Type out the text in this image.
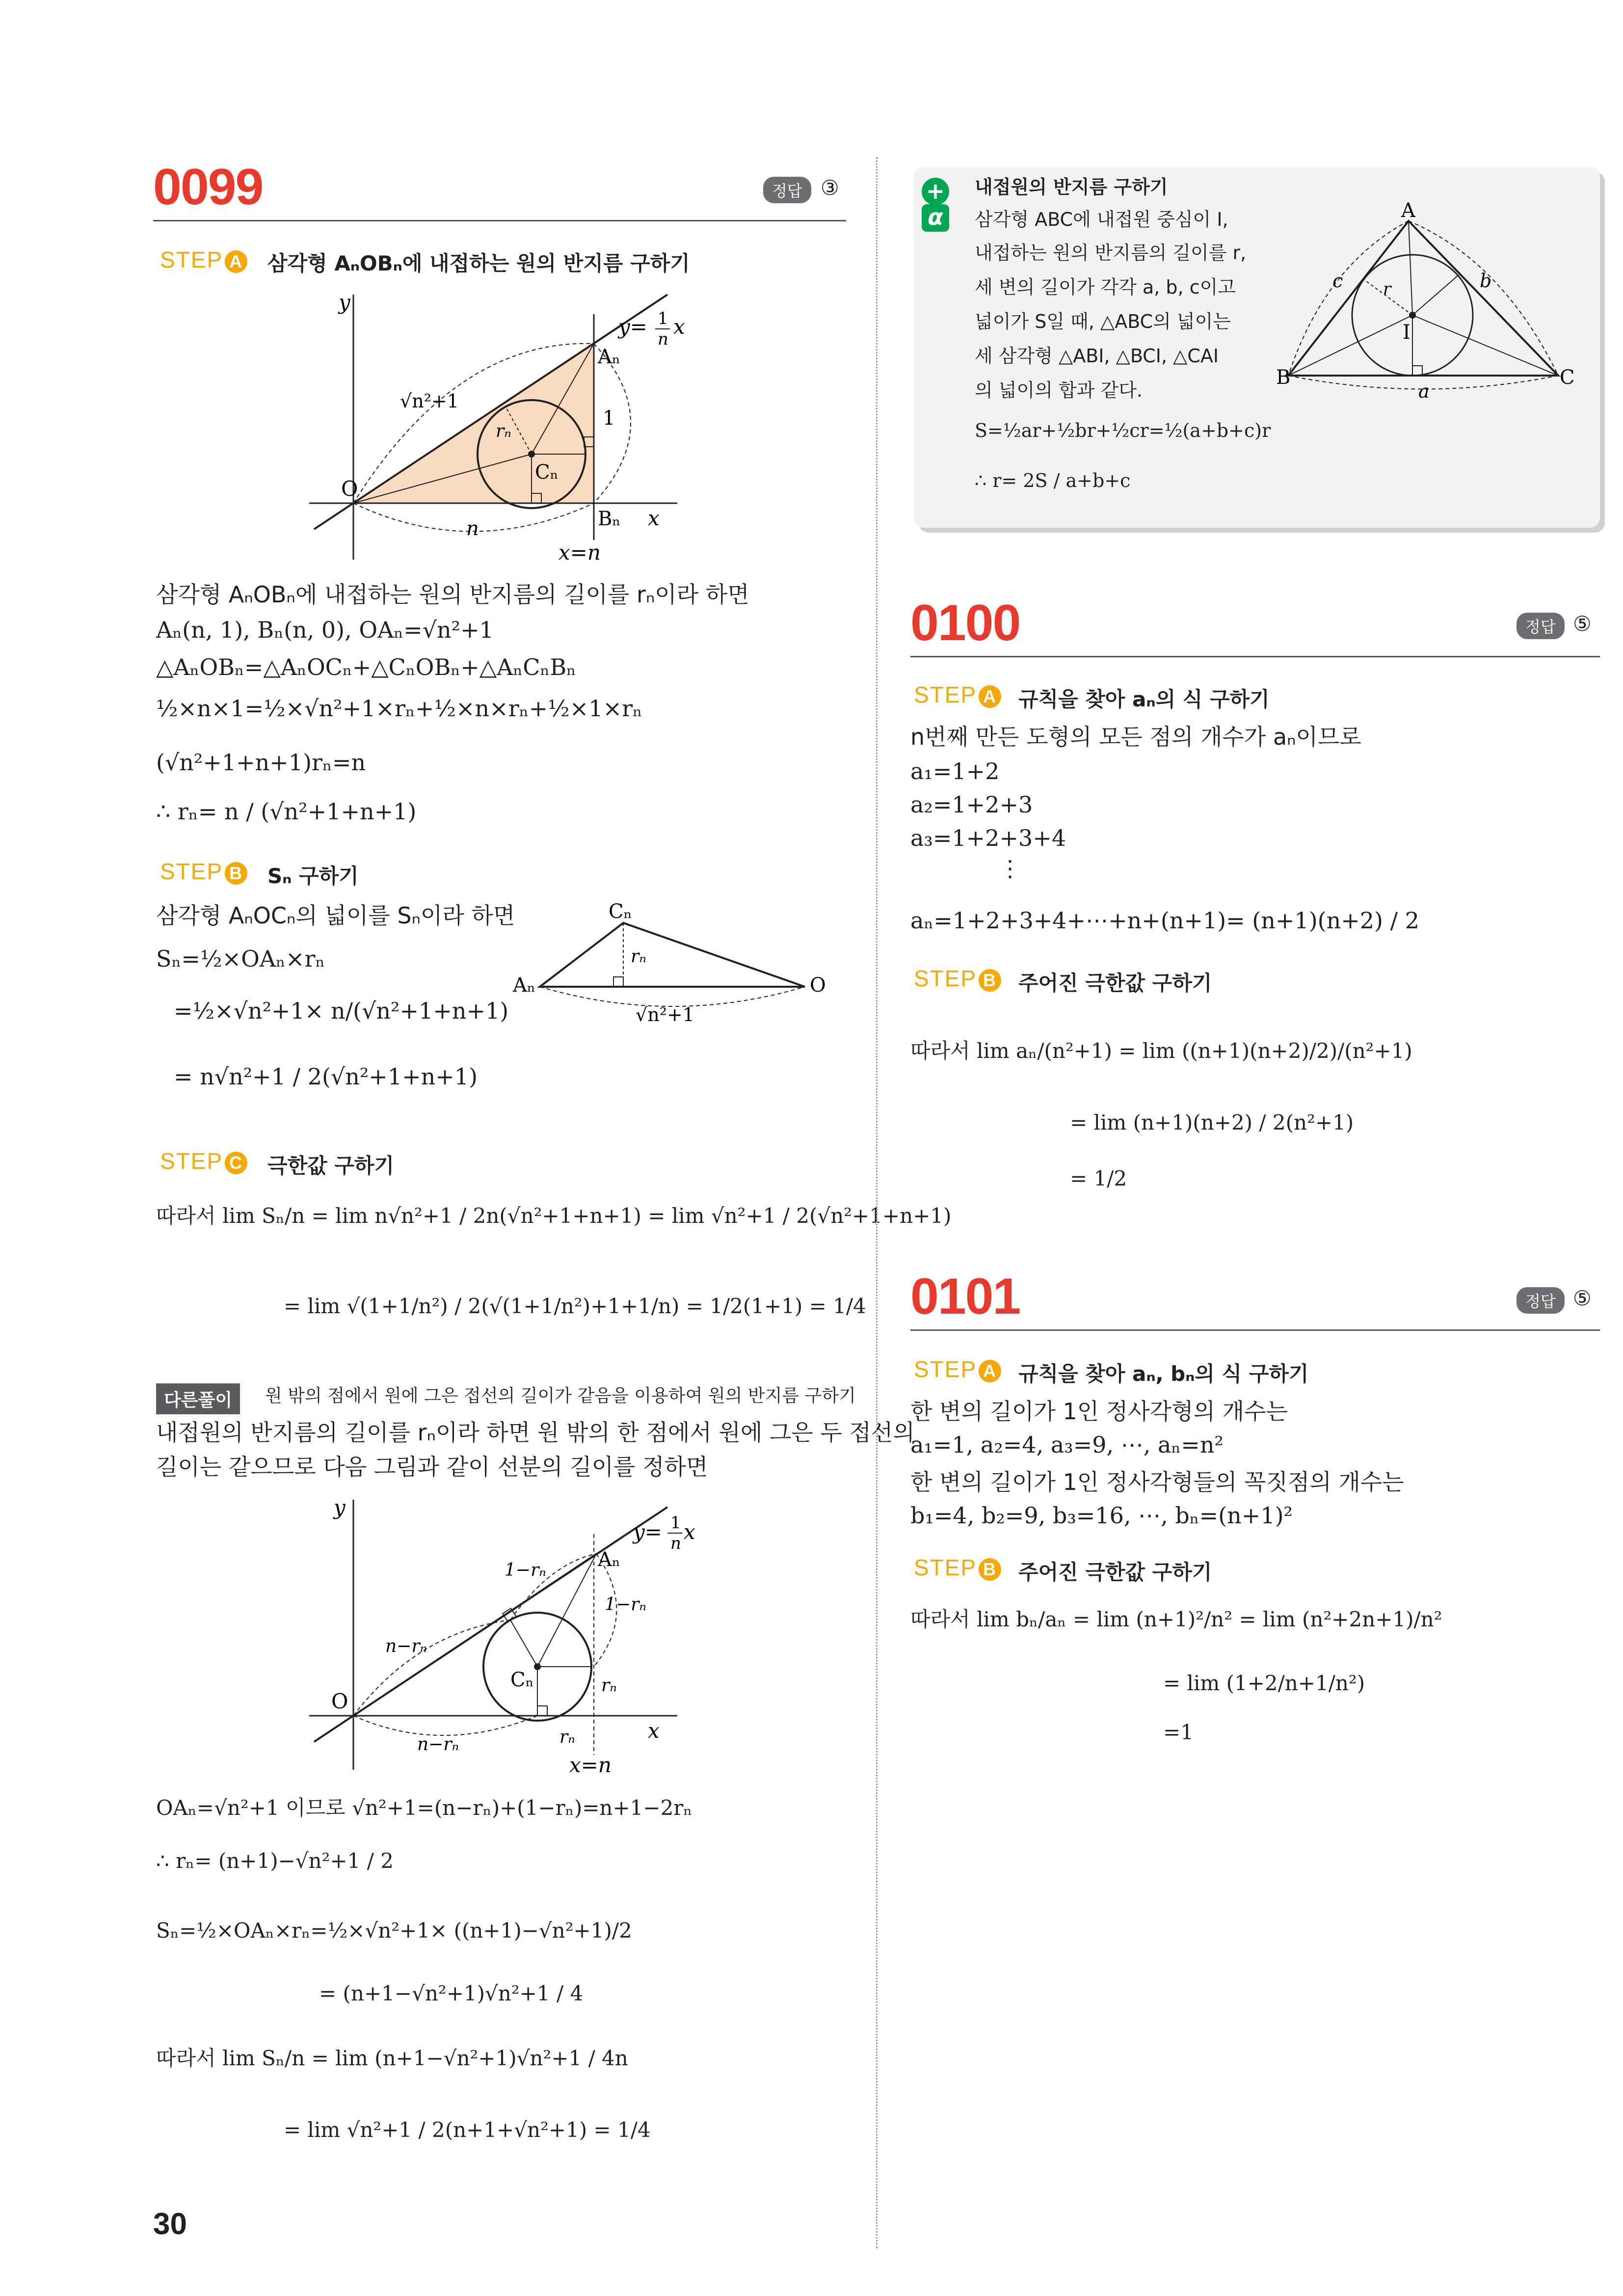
0099	정답 ③
STEP A 삼각형 AₙOBₙ에 내접하는 원의 반지름 구하기
y
x
O
Aₙ
Bₙ
Cₙ
rₙ
1
n
√n²+1
y= 1
n
x
x=n
삼각형 AₙOBₙ에 내접하는 원의 반지름의 길이를 rₙ이라 하면
Aₙ(n, 1), Bₙ(n, 0), OAₙ=√n²+1
△AₙOBₙ=△AₙOCₙ+△CₙOBₙ+△AₙCₙBₙ
½×n×1=½×√n²+1×rₙ+½×n×rₙ+½×1×rₙ
(√n²+1+n+1)rₙ=n
∴ rₙ= n / (√n²+1+n+1)
STEP B Sₙ 구하기
삼각형 AₙOCₙ의 넓이를 Sₙ이라 하면
Sₙ=½×OAₙ×rₙ
=½×√n²+1× n/(√n²+1+n+1)
= n√n²+1 / 2(√n²+1+n+1)
Cₙ
Aₙ	O
rₙ
√n²+1
STEP C 극한값 구하기
따라서 lim Sₙ/n = lim n√n²+1 / 2n(√n²+1+n+1) = lim √n²+1 / 2(√n²+1+n+1)
= lim √(1+1/n²) / 2(√(1+1/n²)+1+1/n) = 1/2(1+1) = 1/4
다른풀이	원 밖의 점에서 원에 그은 접선의 길이가 같음을 이용하여 원의 반지름 구하기
내접원의 반지름의 길이를 rₙ이라 하면 원 밖의 한 점에서 원에 그은 두 접선의
길이는 같으므로 다음 그림과 같이 선분의 길이를 정하면
y
x
O
Aₙ
Cₙ
1−rₙ
1−rₙ
n−rₙ
n−rₙ
rₙ
rₙ
x=n
y= 1
n x
OAₙ=√n²+1 이므로 √n²+1=(n−rₙ)+(1−rₙ)=n+1−2rₙ
∴ rₙ= (n+1)−√n²+1 / 2
Sₙ=½×OAₙ×rₙ=½×√n²+1× ((n+1)−√n²+1)/2
= (n+1−√n²+1)√n²+1 / 4
따라서 lim Sₙ/n = lim (n+1−√n²+1)√n²+1 / 4n
= lim √n²+1 / 2(n+1+√n²+1) = 1/4
30
+
α
내접원의 반지름 구하기
삼각형 ABC에 내접원 중심이 I,
내접하는 원의 반지름의 길이를 r,
세 변의 길이가 각각 a, b, c이고
넓이가 S일 때, △ABC의 넓이는
세 삼각형 △ABI, △BCI, △CAI
의 넓이의 합과 같다.
S=½ar+½br+½cr=½(a+b+c)r
∴ r= 2S / a+b+c
A
B	C
I
a
b
c r
0100	정답 ⑤
STEP A 규칙을 찾아 aₙ의 식 구하기
n번째 만든 도형의 모든 점의 개수가 aₙ이므로
a₁=1+2
a₂=1+2+3
a₃=1+2+3+4
⋮
aₙ=1+2+3+4+⋯+n+(n+1)= (n+1)(n+2) / 2
STEP B 주어진 극한값 구하기
따라서 lim aₙ/(n²+1) = lim ((n+1)(n+2)/2)/(n²+1)
= lim (n+1)(n+2) / 2(n²+1)
= 1/2
0101	정답 ⑤
STEP A 규칙을 찾아 aₙ, bₙ의 식 구하기
한 변의 길이가 1인 정사각형의 개수는
a₁=1, a₂=4, a₃=9, ⋯, aₙ=n²
한 변의 길이가 1인 정사각형들의 꼭짓점의 개수는
b₁=4, b₂=9, b₃=16, ⋯, bₙ=(n+1)²
STEP B 주어진 극한값 구하기
따라서 lim bₙ/aₙ = lim (n+1)²/n² = lim (n²+2n+1)/n²
= lim (1+2/n+1/n²)
=1
